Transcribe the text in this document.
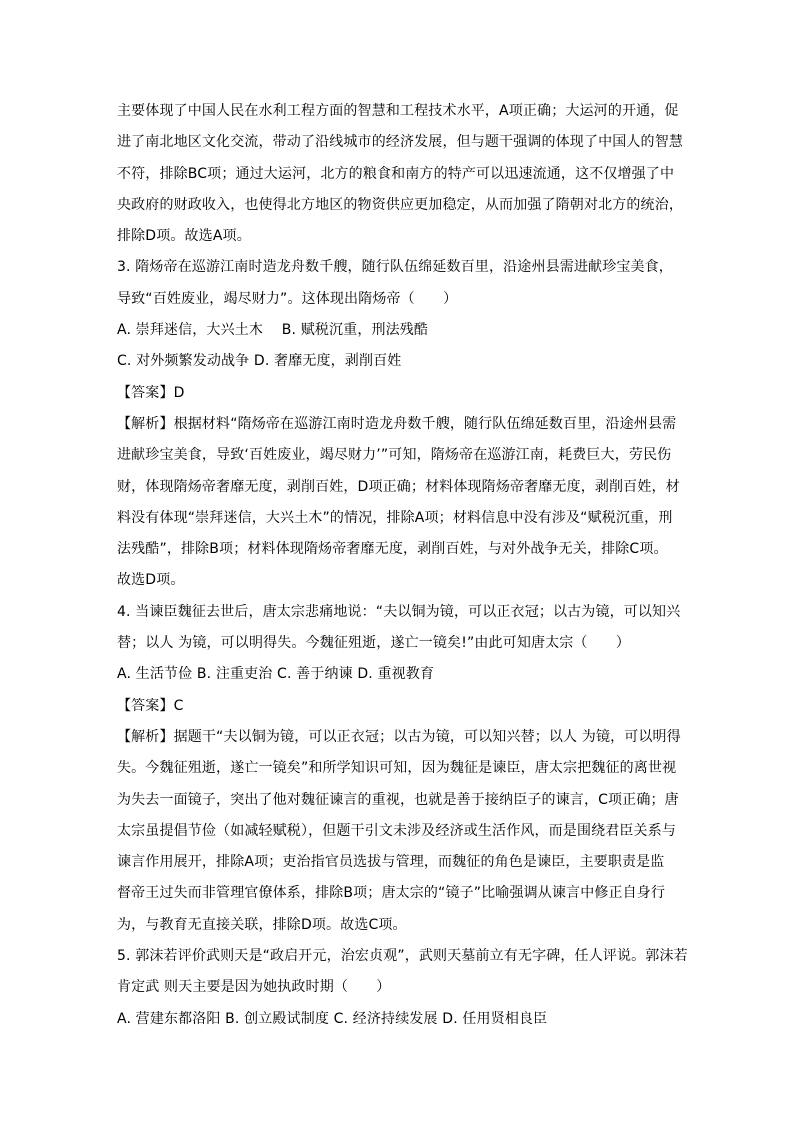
主要体现了中国人民在水利工程方面的智慧和工程技术水平，A项正确；大运河的开通，促
进了南北地区文化交流，带动了沿线城市的经济发展，但与题干强调的体现了中国人的智慧
不符，排除BC项；通过大运河，北方的粮食和南方的特产可以迅速流通，这不仅增强了中
央政府的财政收入，也使得北方地区的物资供应更加稳定，从而加强了隋朝对北方的统治，
排除D项。故选A项。
3. 隋炀帝在巡游江南时造龙舟数千艘，随行队伍绵延数百里，沿途州县需进献珍宝美食，
导致“百姓废业，竭尽财力”。这体现出隋炀帝（　　）
A. 崇拜迷信，大兴土木　 B. 赋税沉重，刑法残酷
C. 对外频繁发动战争 D. 奢靡无度，剥削百姓
【答案】D
【解析】根据材料“隋炀帝在巡游江南时造龙舟数千艘，随行队伍绵延数百里，沿途州县需
进献珍宝美食，导致‘百姓废业，竭尽财力’”可知，隋炀帝在巡游江南，耗费巨大，劳民伤
财，体现隋炀帝奢靡无度，剥削百姓，D项正确；材料体现隋炀帝奢靡无度，剥削百姓，材
料没有体现“崇拜迷信，大兴土木”的情况，排除A项；材料信息中没有涉及“赋税沉重，刑
法残酷”，排除B项；材料体现隋炀帝奢靡无度，剥削百姓，与对外战争无关，排除C项。
故选D项。
4. 当谏臣魏征去世后，唐太宗悲痛地说：“夫以铜为镜，可以正衣冠；以古为镜，可以知兴
替；以人 为镜，可以明得失。今魏征殂逝，遂亡一镜矣!”由此可知唐太宗（　　）
A. 生活节俭 B. 注重吏治 C. 善于纳谏 D. 重视教育
【答案】C
【解析】据题干“夫以铜为镜，可以正衣冠；以古为镜，可以知兴替；以人 为镜，可以明得
失。今魏征殂逝，遂亡一镜矣”和所学知识可知，因为魏征是谏臣，唐太宗把魏征的离世视
为失去一面镜子，突出了他对魏征谏言的重视，也就是善于接纳臣子的谏言，C项正确；唐
太宗虽提倡节俭（如减轻赋税），但题干引文未涉及经济或生活作风，而是围绕君臣关系与
谏言作用展开，排除A项；吏治指官员选拔与管理，而魏征的角色是谏臣，主要职责是监
督帝王过失而非管理官僚体系，排除B项；唐太宗的“镜子”比喻强调从谏言中修正自身行
为，与教育无直接关联，排除D项。故选C项。
5. 郭沫若评价武则天是“政启开元，治宏贞观”，武则天墓前立有无字碑，任人评说。郭沫若
肯定武 则天主要是因为她执政时期（　　）
A. 营建东都洛阳 B. 创立殿试制度 C. 经济持续发展 D. 任用贤相良臣
